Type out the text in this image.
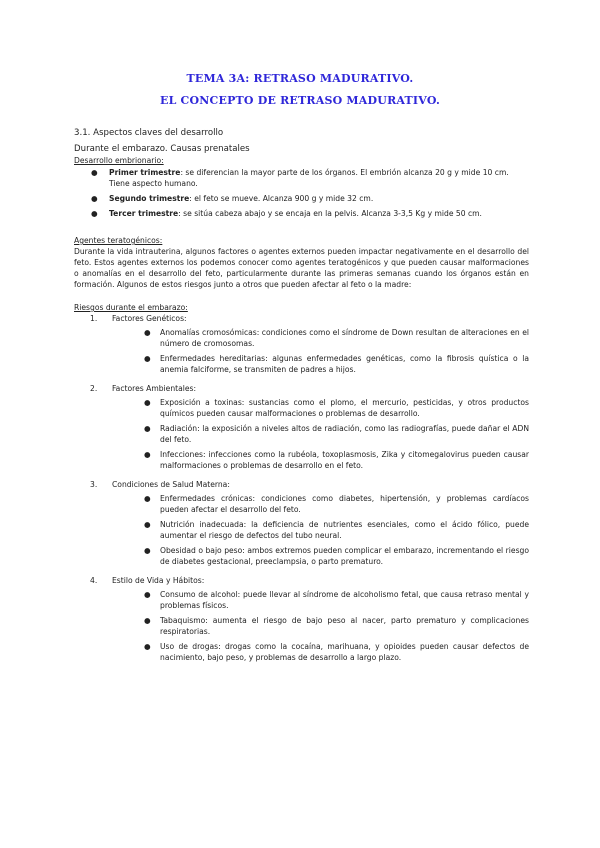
TEMA 3A: RETRASO MADURATIVO.
EL CONCEPTO DE RETRASO MADURATIVO.

3.1. Aspectos claves del desarrollo

Durante el embarazo. Causas prenatales

Desarrollo embrionario:

● Primer trimestre: se diferencian la mayor parte de los órganos. El embrión alcanza 20 g y mide 10 cm. Tiene aspecto humano.
● Segundo trimestre: el feto se mueve. Alcanza 900 g y mide 32 cm.
● Tercer trimestre: se sitúa cabeza abajo y se encaja en la pelvis. Alcanza 3-3,5 Kg y mide 50 cm.

Agentes teratogénicos:

Durante la vida intrauterina, algunos factores o agentes externos pueden impactar negativamente en el desarrollo del feto. Estos agentes externos los podemos conocer como agentes teratogénicos y que pueden causar malformaciones o anomalías en el desarrollo del feto, particularmente durante las primeras semanas cuando los órganos están en formación. Algunos de estos riesgos junto a otros que pueden afectar al feto o la madre:

Riesgos durante el embarazo:

1. Factores Genéticos:
● Anomalías cromosómicas: condiciones como el síndrome de Down resultan de alteraciones en el número de cromosomas.
● Enfermedades hereditarias: algunas enfermedades genéticas, como la fibrosis quística o la anemia falciforme, se transmiten de padres a hijos.
2. Factores Ambientales:
● Exposición a toxinas: sustancias como el plomo, el mercurio, pesticidas, y otros productos químicos pueden causar malformaciones o problemas de desarrollo.
● Radiación: la exposición a niveles altos de radiación, como las radiografías, puede dañar el ADN del feto.
● Infecciones: infecciones como la rubéola, toxoplasmosis, Zika y citomegalovirus pueden causar malformaciones o problemas de desarrollo en el feto.
3. Condiciones de Salud Materna:
● Enfermedades crónicas: condiciones como diabetes, hipertensión, y problemas cardíacos pueden afectar el desarrollo del feto.
● Nutrición inadecuada: la deficiencia de nutrientes esenciales, como el ácido fólico, puede aumentar el riesgo de defectos del tubo neural.
● Obesidad o bajo peso: ambos extremos pueden complicar el embarazo, incrementando el riesgo de diabetes gestacional, preeclampsia, o parto prematuro.
4. Estilo de Vida y Hábitos:
● Consumo de alcohol: puede llevar al síndrome de alcoholismo fetal, que causa retraso mental y problemas físicos.
● Tabaquismo: aumenta el riesgo de bajo peso al nacer, parto prematuro y complicaciones respiratorias.
● Uso de drogas: drogas como la cocaína, marihuana, y opioides pueden causar defectos de nacimiento, bajo peso, y problemas de desarrollo a largo plazo.
